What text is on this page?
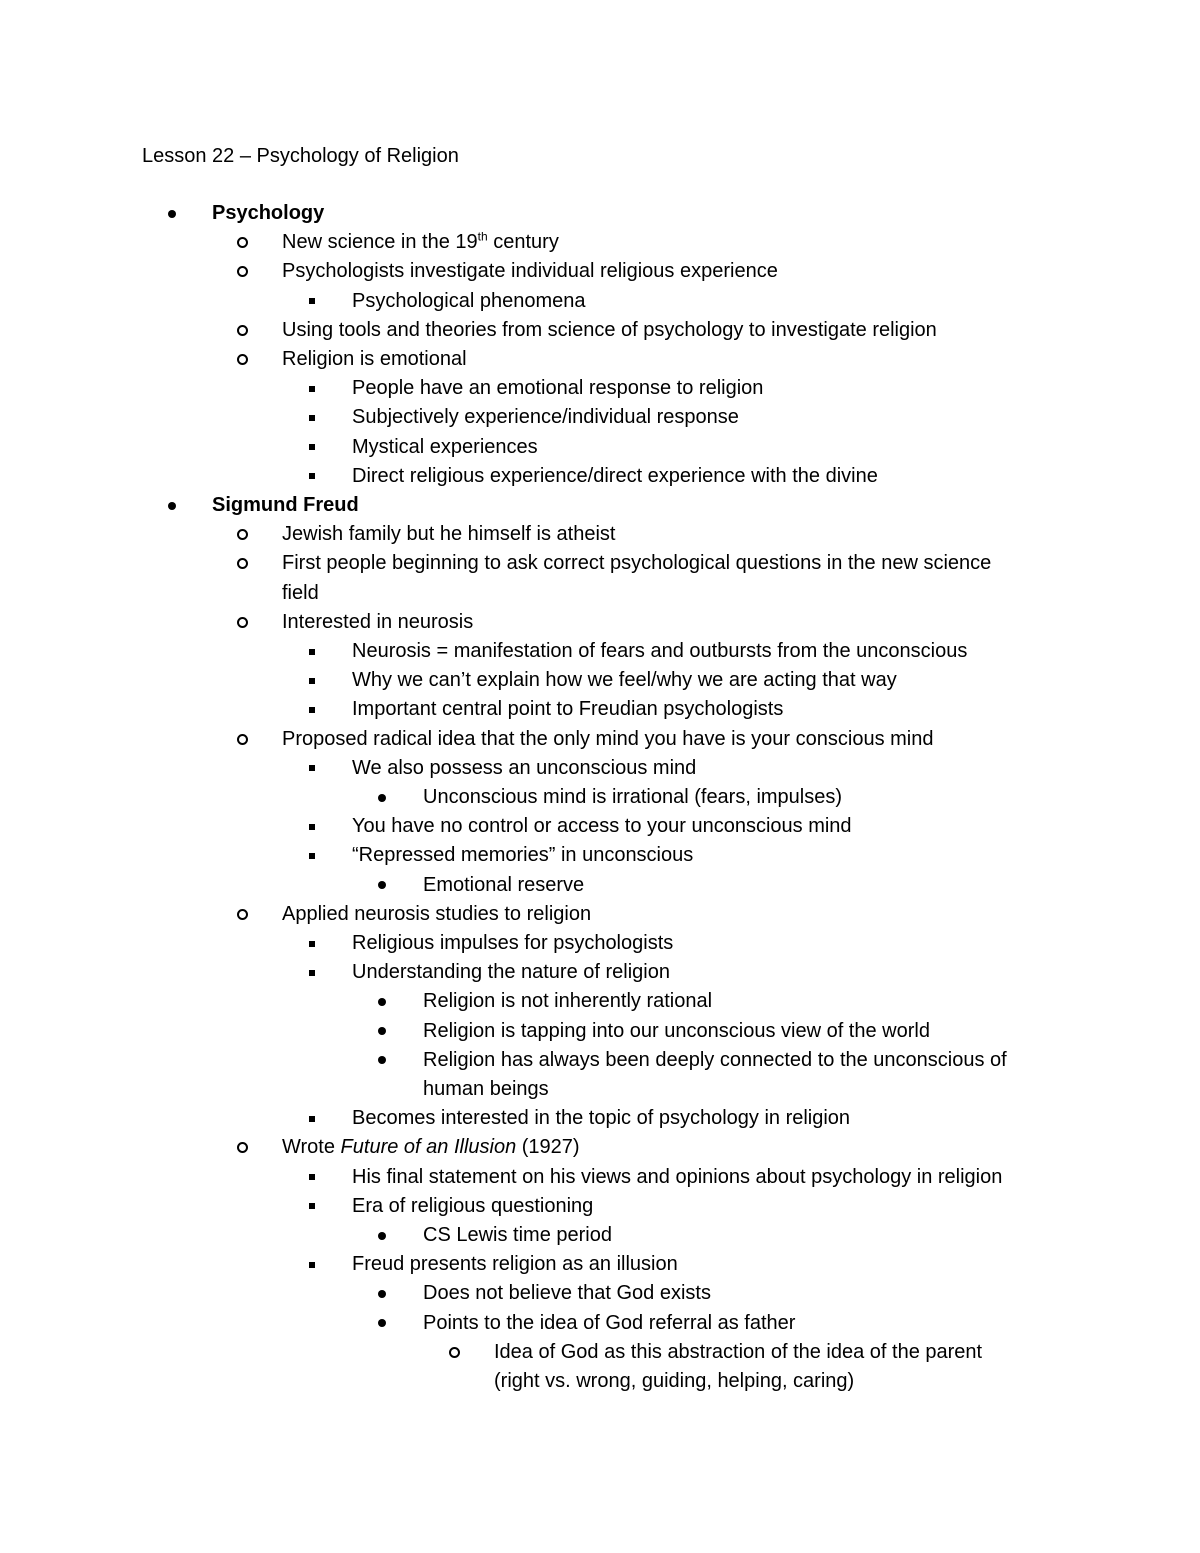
Lesson 22 – Psychology of Religion
Psychology
New science in the 19th century
Psychologists investigate individual religious experience
Psychological phenomena
Using tools and theories from science of psychology to investigate religion
Religion is emotional
People have an emotional response to religion
Subjectively experience/individual response
Mystical experiences
Direct religious experience/direct experience with the divine
Sigmund Freud
Jewish family but he himself is atheist
First people beginning to ask correct psychological questions in the new science
field
Interested in neurosis
Neurosis = manifestation of fears and outbursts from the unconscious
Why we can’t explain how we feel/why we are acting that way
Important central point to Freudian psychologists
Proposed radical idea that the only mind you have is your conscious mind
We also possess an unconscious mind
Unconscious mind is irrational (fears, impulses)
You have no control or access to your unconscious mind
“Repressed memories” in unconscious
Emotional reserve
Applied neurosis studies to religion
Religious impulses for psychologists
Understanding the nature of religion
Religion is not inherently rational
Religion is tapping into our unconscious view of the world
Religion has always been deeply connected to the unconscious of
human beings
Becomes interested in the topic of psychology in religion
Wrote Future of an Illusion (1927)
His final statement on his views and opinions about psychology in religion
Era of religious questioning
CS Lewis time period
Freud presents religion as an illusion
Does not believe that God exists
Points to the idea of God referral as father
Idea of God as this abstraction of the idea of the parent
(right vs. wrong, guiding, helping, caring)
